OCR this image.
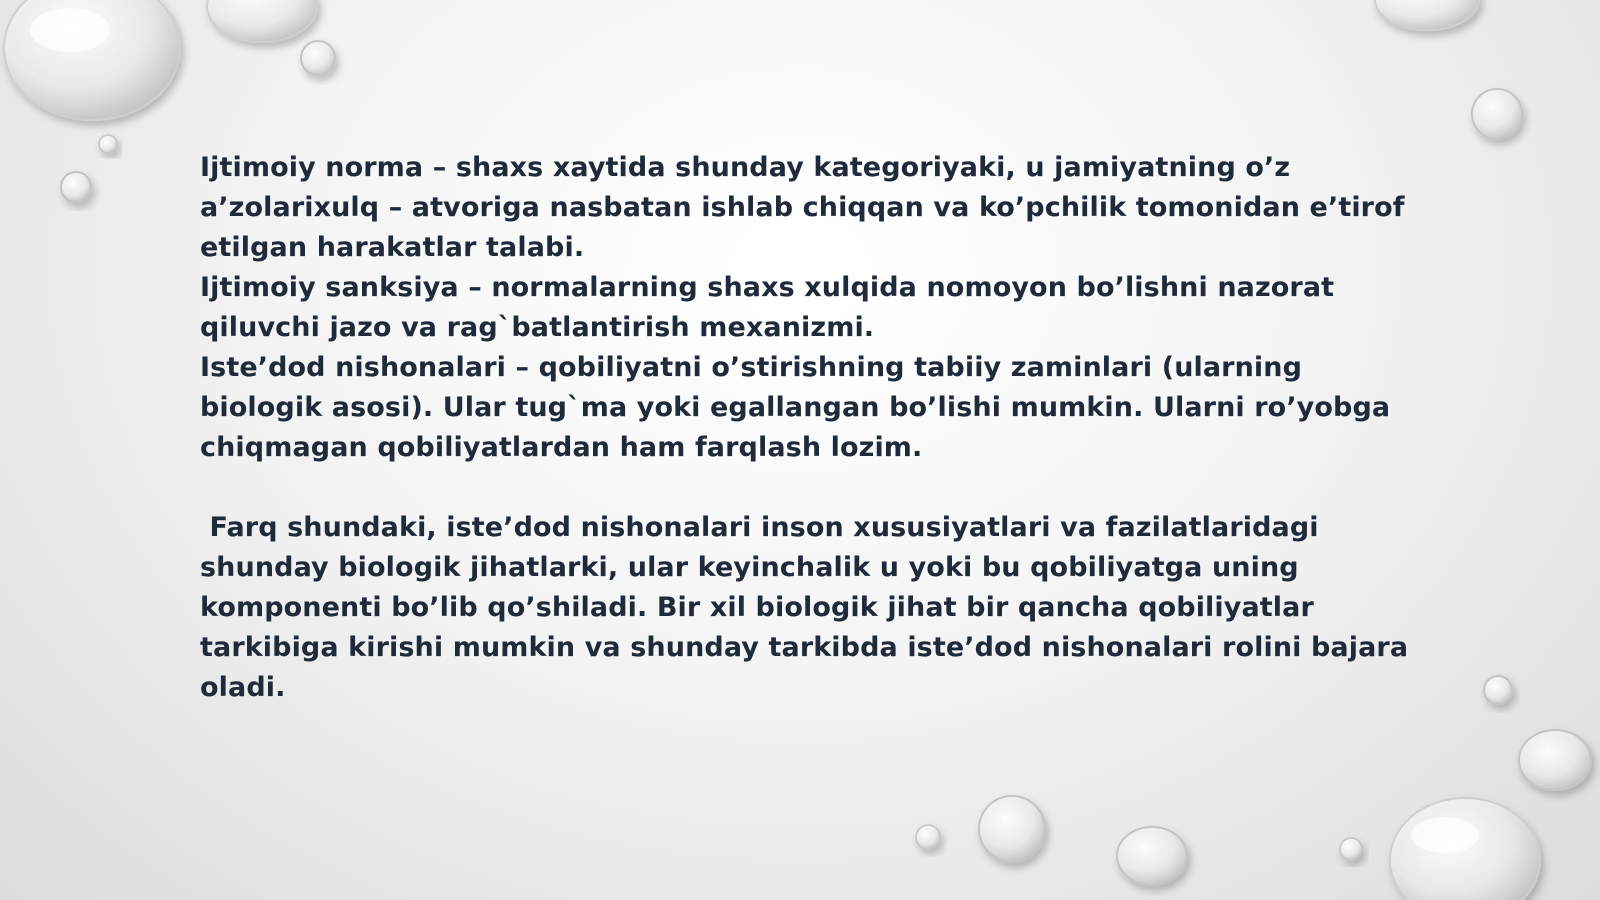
Ijtimoiy norma – shaxs xaytida shunday kategoriyaki, u jamiyatning o’z a’zolarixulq – atvoriga nasbatan ishlab chiqqan va ko’pchilik tomonidan e’tirof etilgan harakatlar talabi.

Ijtimoiy sanksiya – normalarning shaxs xulqida nomoyon bo’lishni nazorat qiluvchi jazo va rag`batlantirish mexanizmi.

Iste’dod nishonalari – qobiliyatni o’stirishning tabiiy zaminlari (ularning biologik asosi). Ular tug`ma yoki egallangan bo’lishi mumkin. Ularni ro’yobga chiqmagan qobiliyatlardan ham farqlash lozim.

Farq shundaki, iste’dod nishonalari inson xususiyatlari va fazilatlaridagi shunday biologik jihatlarki, ular keyinchalik u yoki bu qobiliyatga uning komponenti bo’lib qo’shiladi. Bir xil biologik jihat bir qancha qobiliyatlar tarkibiga kirishi mumkin va shunday tarkibda iste’dod nishonalari rolini bajara oladi.
